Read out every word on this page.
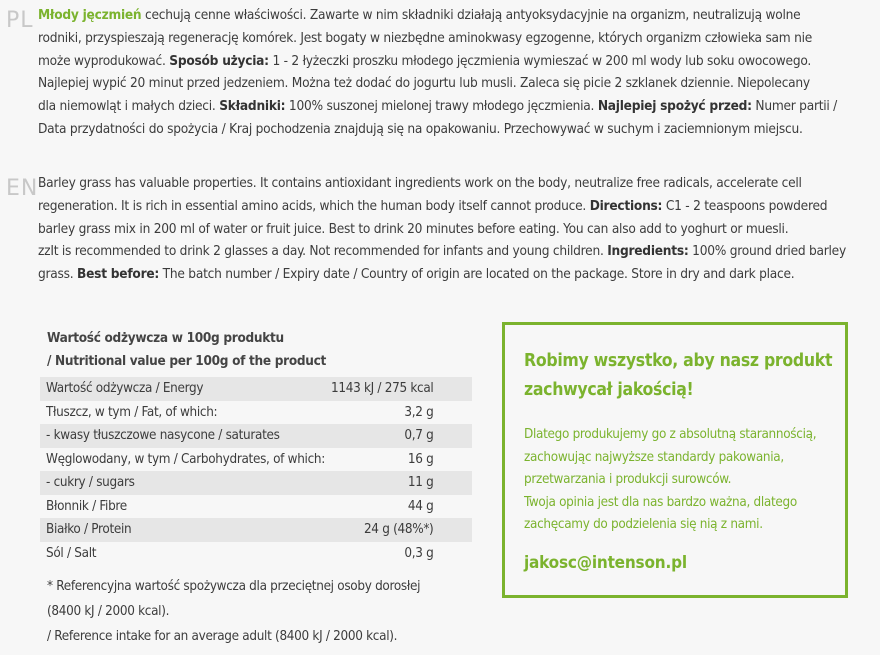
PL Młody jęczmień cechują cenne właściwości. Zawarte w nim składniki działają antyoksydacyjnie na organizm, neutralizują wolne
rodniki, przyspieszają regenerację komórek. Jest bogaty w niezbędne aminokwasy egzogenne, których organizm człowieka sam nie
może wyprodukować. Sposób użycia: 1 - 2 łyżeczki proszku młodego jęczmienia wymieszać w 200 ml wody lub soku owocowego.
Najlepiej wypić 20 minut przed jedzeniem. Można też dodać do jogurtu lub musli. Zaleca się picie 2 szklanek dziennie. Niepolecany
dla niemowląt i małych dzieci. Składniki: 100% suszonej mielonej trawy młodego jęczmienia. Najlepiej spożyć przed: Numer partii /
Data przydatności do spożycia / Kraj pochodzenia znajdują się na opakowaniu. Przechowywać w suchym i zaciemnionym miejscu.
EN Barley grass has valuable properties. It contains antioxidant ingredients work on the body, neutralize free radicals, accelerate cell
regeneration. It is rich in essential amino acids, which the human body itself cannot produce. Directions: C1 - 2 teaspoons powdered
barley grass mix in 200 ml of water or fruit juice. Best to drink 20 minutes before eating. You can also add to yoghurt or muesli.
zzIt is recommended to drink 2 glasses a day. Not recommended for infants and young children. Ingredients: 100% ground dried barley
grass. Best before: The batch number / Expiry date / Country of origin are located on the package. Store in dry and dark place.
Wartość odżywcza w 100g produktu
/ Nutritional value per 100g of the product
Wartość odżywcza / Energy	1143 kJ / 275 kcal	
Tłuszcz, w tym / Fat, of which:	3,2 g	
- kwasy tłuszczowe nasycone / saturates	0,7 g	
Węglowodany, w tym / Carbohydrates, of which:	16 g	
- cukry / sugars	11 g	
Błonnik / Fibre	44 g	
Białko / Protein	24 g (48%*)	
Sól / Salt	0,3 g	
* Referencyjna wartość spożywcza dla przeciętnej osoby dorosłej
(8400 kJ / 2000 kcal).
/ Reference intake for an average adult (8400 kJ / 2000 kcal).
Robimy wszystko, aby nasz produkt
zachwycał jakością!
Dlatego produkujemy go z absolutną starannością,
zachowując najwyższe standardy pakowania,
przetwarzania i produkcji surowców.
Twoja opinia jest dla nas bardzo ważna, dlatego
zachęcamy do podzielenia się nią z nami.
jakosc@intenson.pl
